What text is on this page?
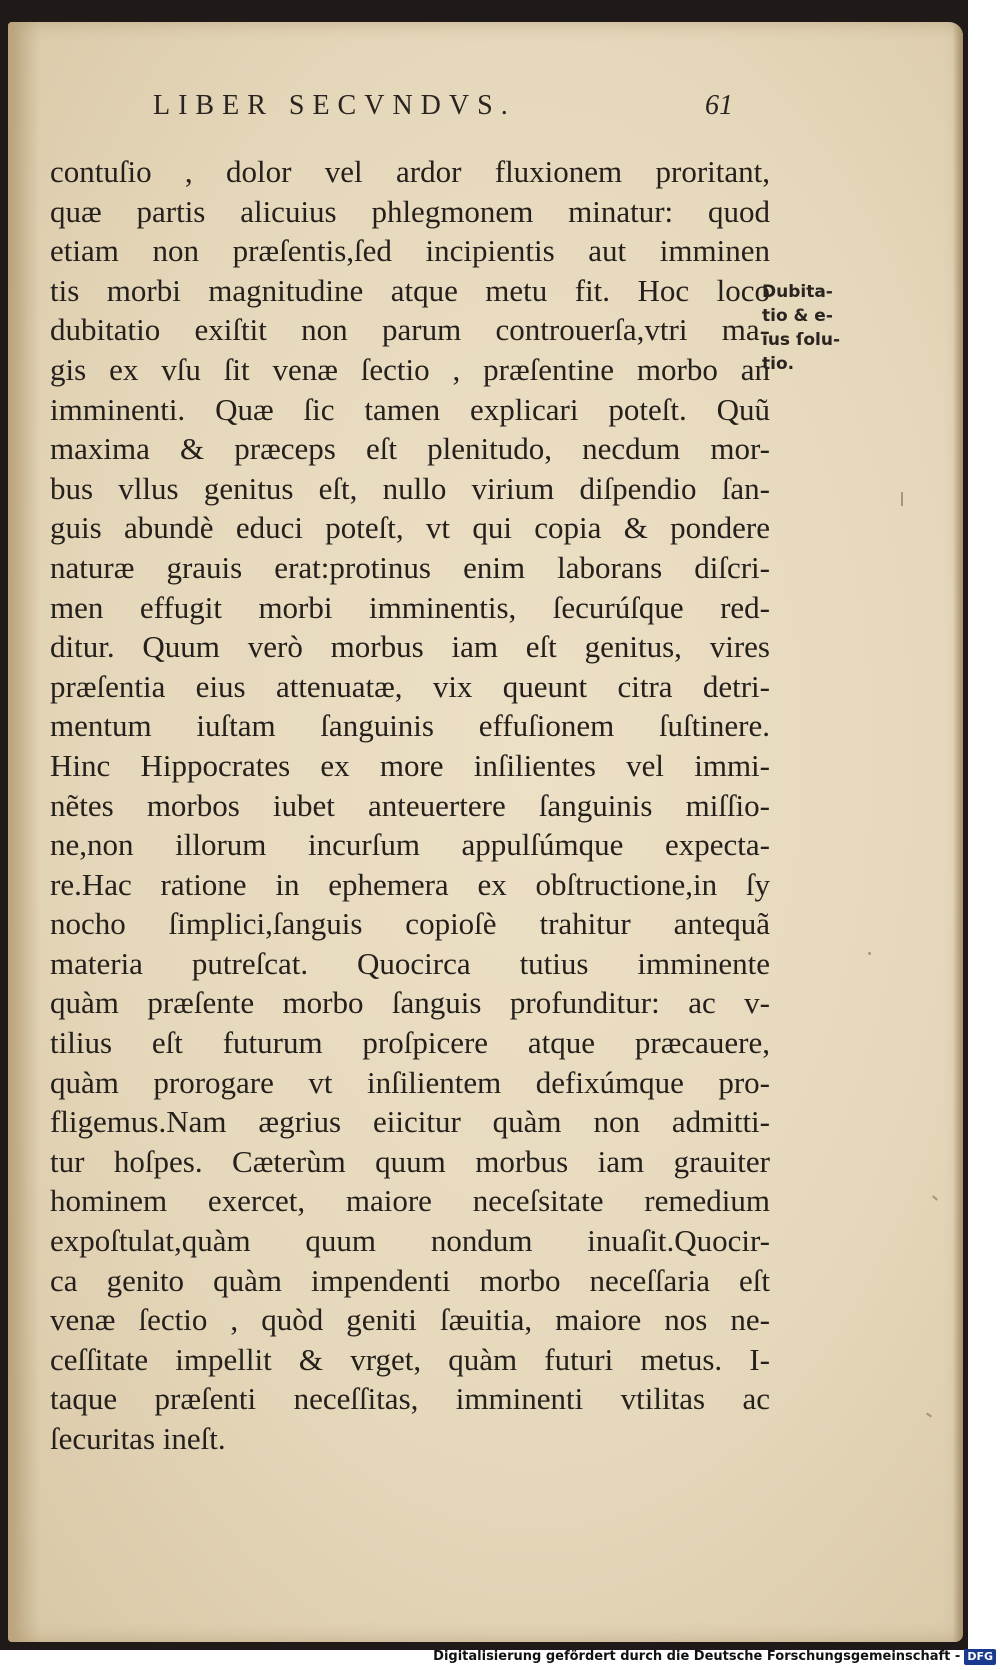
LIBER SECVNDVS.	61
contuſio , dolor vel ardor fluxionem proritant,
quæ partis alicuius phlegmonem minatur: quod
etiam non præſentis,ſed incipientis aut imminen
tis morbi magnitudine atque metu fit. Hoc loco
dubitatio exiſtit non parum controuerſa,vtri ma-
gis ex vſu ſit venæ ſectio , præſentine morbo an
imminenti. Quæ ſic tamen explicari poteſt. Quũ
maxima & præceps eſt plenitudo, necdum mor-
bus vllus genitus eſt, nullo virium diſpendio ſan-
guis abundè educi poteſt, vt qui copia & pondere
naturæ grauis erat:protinus enim laborans diſcri-
men effugit morbi imminentis, ſecurúſque red-
ditur. Quum verò morbus iam eſt genitus, vires
præſentia eius attenuatæ, vix queunt citra detri-
mentum iuſtam ſanguinis effuſionem ſuſtinere.
Hinc Hippocrates ex more inſilientes vel immi-
nẽtes morbos iubet anteuertere ſanguinis miſſio-
ne,non illorum incurſum appulſúmque expecta-
re.Hac ratione in ephemera ex obſtructione,in ſy
nocho ſimplici,ſanguis copioſè trahitur antequã
materia putreſcat. Quocirca tutius imminente
quàm præſente morbo ſanguis profunditur: ac v-
tilius eſt futurum proſpicere atque præcauere,
quàm prorogare vt inſilientem defixúmque pro-
fligemus.Nam ægrius eiicitur quàm non admitti-
tur hoſpes. Cæterùm quum morbus iam grauiter
hominem exercet, maiore neceſsitate remedium
expoſtulat,quàm quum nondum inuaſit.Quocir-
ca genito quàm impendenti morbo neceſſaria eſt
venæ ſectio , quòd geniti ſæuitia, maiore nos ne-
ceſſitate impellit & vrget, quàm futuri metus. I-
taque præſenti neceſſitas, imminenti vtilitas ac
ſecuritas ineſt.
Dubita-
tio & e-
ius ſolu-
tio.
Digitalisierung gefördert durch die Deutsche Forschungsgemeinschaft - DFG
